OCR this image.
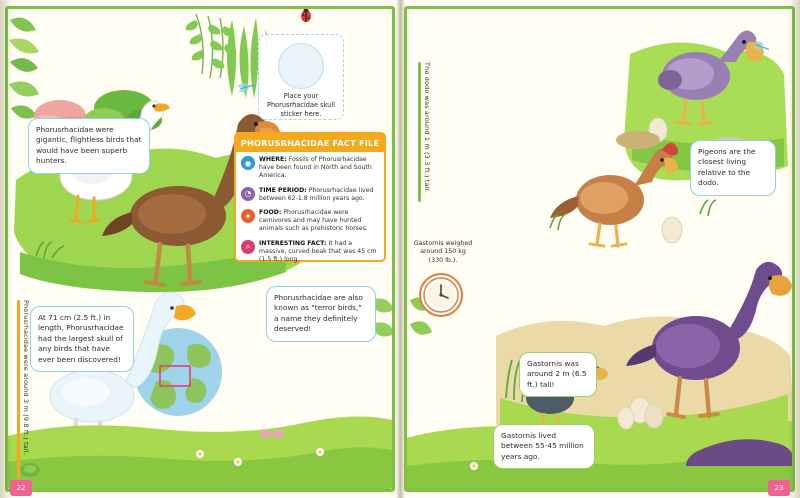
Place your Phorusrhacidae skull sticker here.
Phorusrhacidae were gigantic, flightless birds that would have been superb hunters.
Phorusrhacidae are also known as "terror birds," a name they definitely deserved!
At 71 cm (2.5 ft.) in length, Phorusrhacidae had the largest skull of any birds that have ever been discovered!
Phorusrhacidae were around 3 m (9.8 ft.) tall.
PHORUSRHACIDAE FACT FILE
◉	WHERE: Fossils of Phorusrhacidae have been found in North and South America.
◔	TIME PERIOD: Phorusrhacidae lived between 62-1.8 million years ago.
✦	FOOD: Phorusrhacidae were carnivores and may have hunted animals such as prehistoric horses.
⌕	INTERESTING FACT: It had a massive, curved beak that was 45 cm (1.5 ft.) long.
The dodo was around 1 m (3.3 ft.) tall.	Pigeons are the closest living relative to the dodo.
Gastornis weighed around 150 kg (330 lb.).
Gastornis was around 2 m (6.5 ft.) tall!
Gastornis lived between 55-45 million years ago.
22	23
